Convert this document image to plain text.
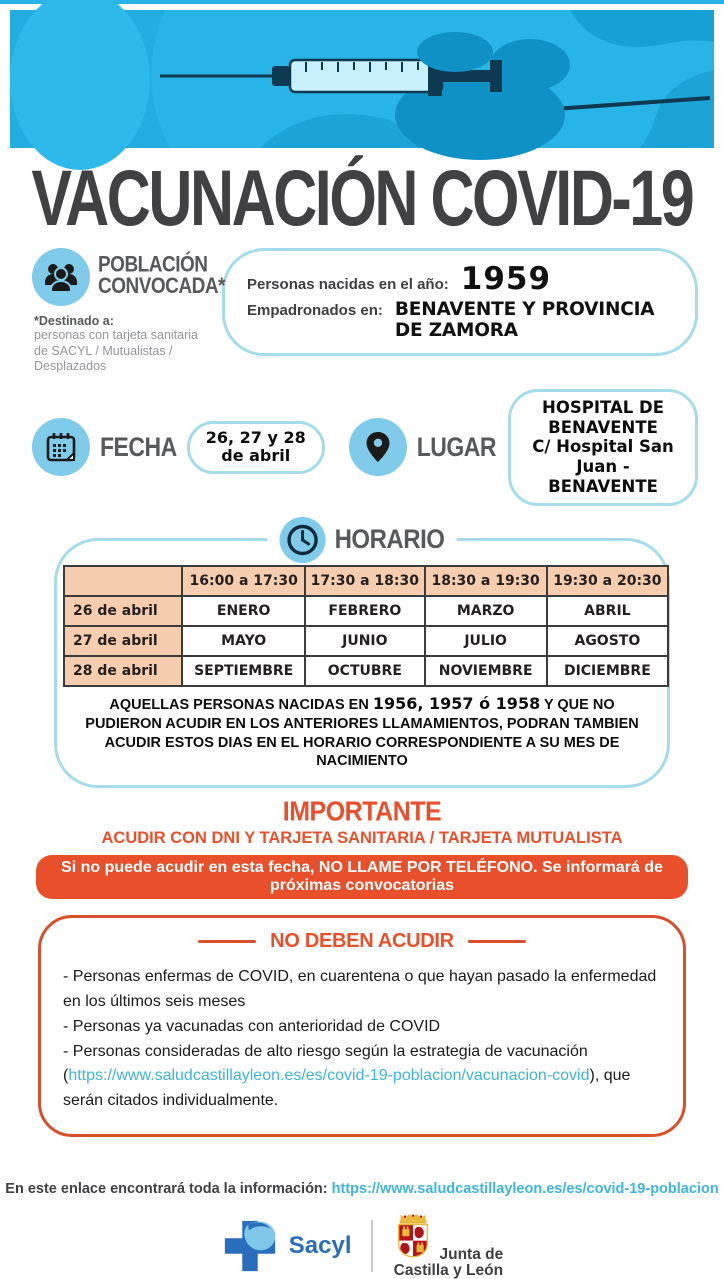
VACUNACIÓN COVID-19
POBLACIÓN
CONVOCADA*
*Destinado a:
personas con tarjeta sanitaria
de SACYL / Mutualistas / Desplazados
Personas nacidas en el año: 1959
Empadronados en: BENAVENTE Y PROVINCIA DE ZAMORA
FECHA 26, 27 y 28
de abril	LUGAR
HOSPITAL DE BENAVENTE
C/ Hospital San Juan - BENAVENTE
HORARIO
	16:00 a 17:30	17:30 a 18:30	18:30 a 19:30	19:30 a 20:30
26 de abril	ENERO	FEBRERO	MARZO	ABRIL
27 de abril	MAYO	JUNIO	JULIO	AGOSTO
28 de abril	SEPTIEMBRE	OCTUBRE	NOVIEMBRE	DICIEMBRE
AQUELLAS PERSONAS NACIDAS EN 1956, 1957 ó 1958 Y QUE NO PUDIERON ACUDIR EN LOS ANTERIORES LLAMAMIENTOS, PODRAN TAMBIEN ACUDIR ESTOS DIAS EN EL HORARIO CORRESPONDIENTE A SU MES DE NACIMIENTO
IMPORTANTE
ACUDIR CON DNI Y TARJETA SANITARIA / TARJETA MUTUALISTA
Si no puede acudir en esta fecha, NO LLAME POR TELÉFONO. Se informará de próximas convocatorias
NO DEBEN ACUDIR

- Personas enfermas de COVID, en cuarentena o que hayan pasado la enfermedad en los últimos seis meses

- Personas ya vacunadas con anterioridad de COVID

- Personas consideradas de alto riesgo según la estrategia de vacunación (https://www.saludcastillayleon.es/es/covid-19-poblacion/vacunacion-covid), que serán citados individualmente.

En este enlace encontrará toda la información: https://www.saludcastillayleon.es/es/covid-19-poblacion
Sacyl	Junta de
Castilla y León
